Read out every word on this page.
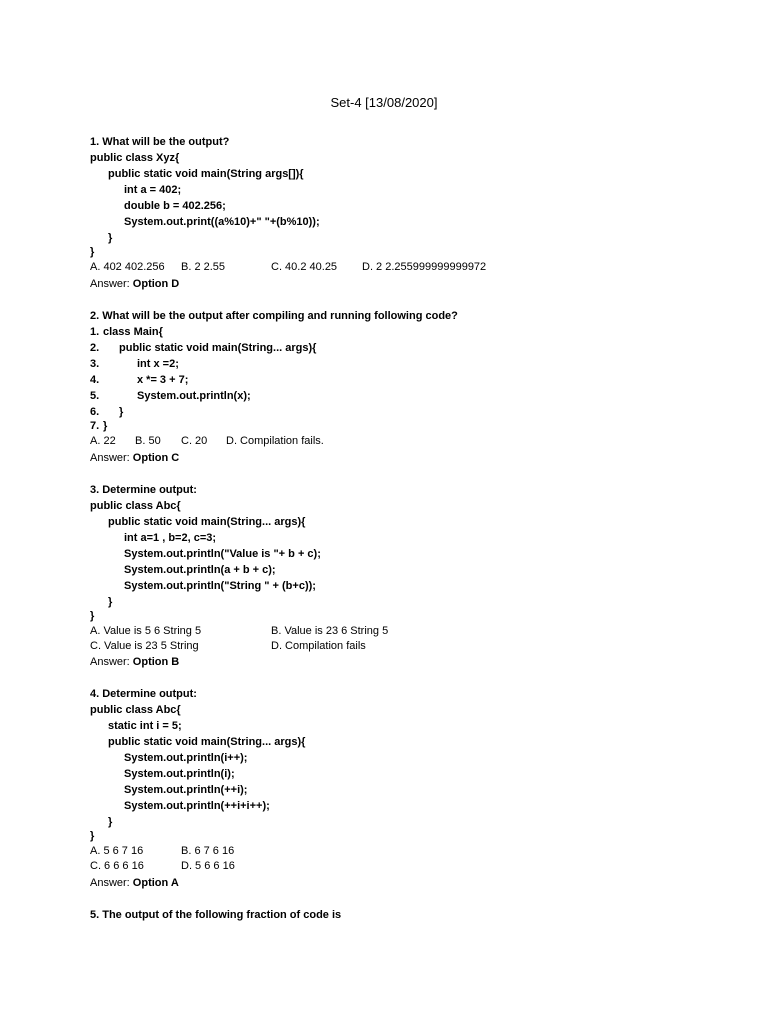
Set-4 [13/08/2020]
1. What will be the output?
public class Xyz{
public static void main(String args[]){
int a = 402;
double b = 402.256;
System.out.print((a%10)+" "+(b%10));
}
}
A. 402 402.256 B. 2 2.55	C. 40.2 40.25 D. 2 2.255999999999972
Answer: Option D
2. What will be the output after compiling and running following code?
1. class Main{
2. public static void main(String... args){
3.	int x =2;
4.	x *= 3 + 7;
5.	System.out.println(x);
6. }
7. }
A. 22 B. 50 C. 20 D. Compilation fails.
Answer: Option C
3. Determine output:
public class Abc{
public static void main(String... args){
int a=1 , b=2, c=3;
System.out.println("Value is "+ b + c);
System.out.println(a + b + c);
System.out.println("String " + (b+c));
}
}
A. Value is 5 6 String 5	B. Value is 23 6 String 5
C. Value is 23 5 String	D. Compilation fails
Answer: Option B
4. Determine output:
public class Abc{
static int i = 5;
public static void main(String... args){
System.out.println(i++);
System.out.println(i);
System.out.println(++i);
System.out.println(++i+i++);
}
}
A. 5 6 7 16	B. 6 7 6 16
C. 6 6 6 16	D. 5 6 6 16
Answer: Option A
5. The output of the following fraction of code is
